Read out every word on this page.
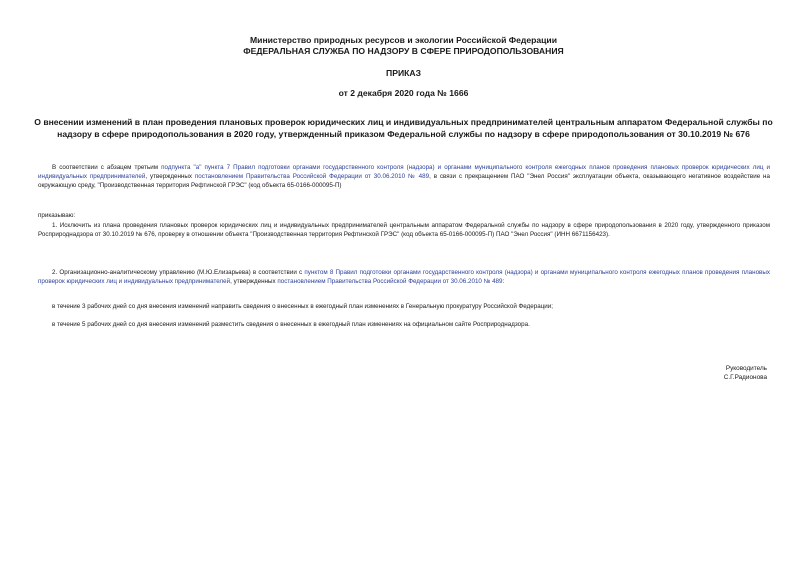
Министерство природных ресурсов и экологии Российской Федерации
ФЕДЕРАЛЬНАЯ СЛУЖБА ПО НАДЗОРУ В СФЕРЕ ПРИРОДОПОЛЬЗОВАНИЯ
ПРИКАЗ
от 2 декабря 2020 года № 1666
О внесении изменений в план проведения плановых проверок юридических лиц и индивидуальных предпринимателей центральным аппаратом Федеральной службы по надзору в сфере природопользования в 2020 году, утвержденный приказом Федеральной службы по надзору в сфере природопользования от 30.10.2019 № 676

В соответствии с абзацем третьим подпункта "а" пункта 7 Правил подготовки органами государственного контроля (надзора) и органами муниципального контроля ежегодных планов проведения плановых проверок юридических лиц и индивидуальных предпринимателей, утвержденных постановлением Правительства Российской Федерации от 30.06.2010 № 489, в связи с прекращением ПАО "Энел Россия" эксплуатации объекта, оказывающего негативное воздействие на окружающую среду, "Производственная территория Рефтинской ГРЭС" (код объекта 65-0166-000095-П)

приказываю:

1. Исключить из плана проведения плановых проверок юридических лиц и индивидуальных предпринимателей центральным аппаратом Федеральной службы по надзору в сфере природопользования в 2020 году, утвержденного приказом Росприроднадзора от 30.10.2019 № 676, проверку в отношении объекта "Производственная территория Рефтинской ГРЭС" (код объекта 65-0166-000095-П) ПАО "Энел Россия" (ИНН 6671156423).

2. Организационно-аналитическому управлению (М.Ю.Елизарьева) в соответствии с пунктом 8 Правил подготовки органами государственного контроля (надзора) и органами муниципального контроля ежегодных планов проведения плановых проверок юридических лиц и индивидуальных предпринимателей, утвержденных постановлением Правительства Российской Федерации от 30.06.2010 № 489:

в течение 3 рабочих дней со дня внесения изменений направить сведения о внесенных в ежегодный план изменениях в Генеральную прокуратуру Российской Федерации;

в течение 5 рабочих дней со дня внесения изменений разместить сведения о внесенных в ежегодный план изменениях на официальном сайте Росприроднадзора.

Руководитель
С.Г.Радионова
